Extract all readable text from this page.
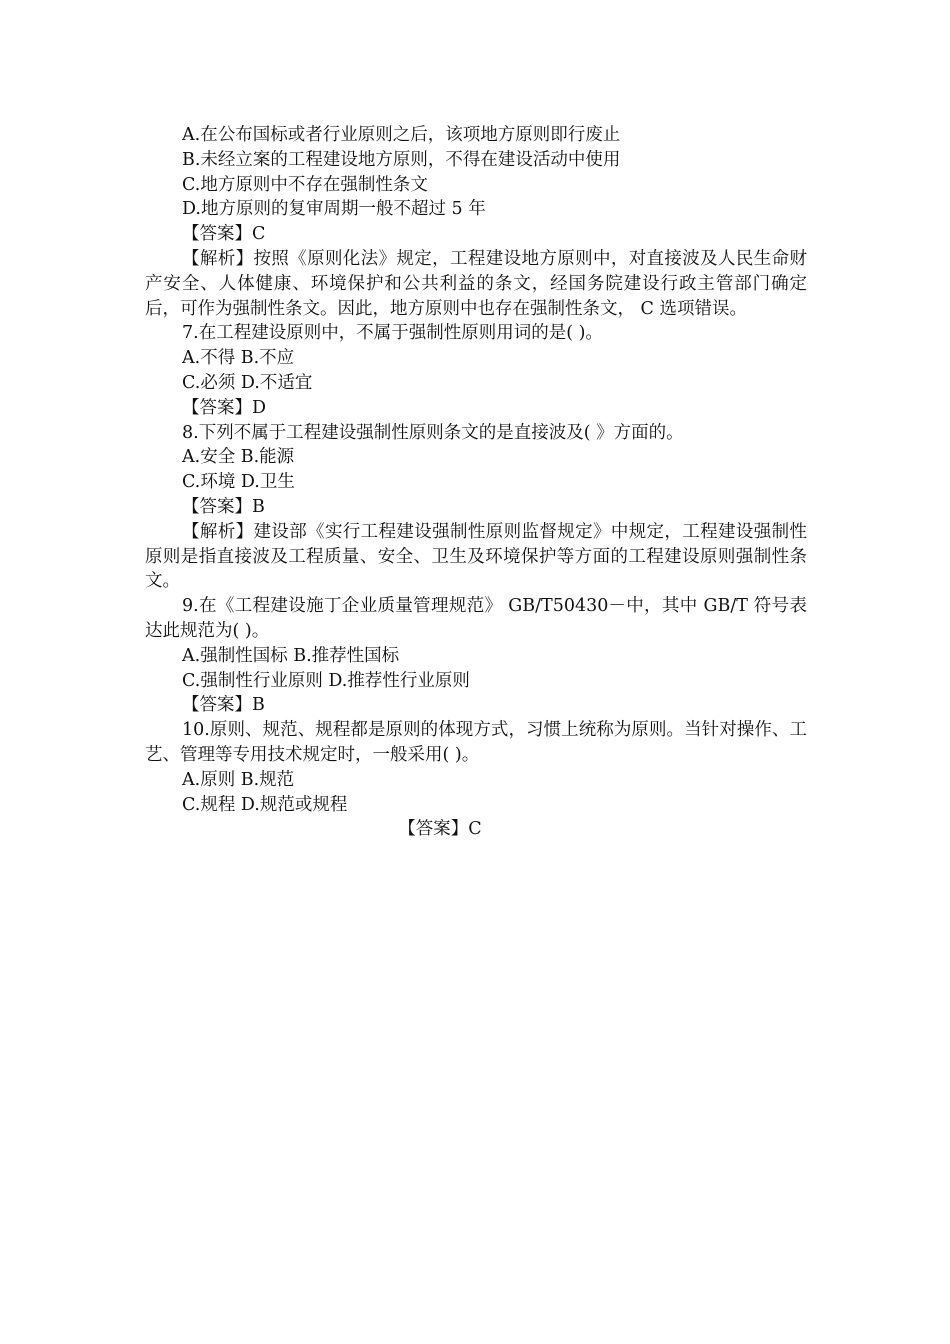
A.在公布国标或者行业原则之后，该项地方原则即行废止
B.未经立案的工程建设地方原则，不得在建设活动中使用
C.地方原则中不存在强制性条文
D.地方原则的复审周期一般不超过 5 年
【答案】C
【解析】按照《原则化法》规定，工程建设地方原则中，对直接波及人民生命财产安全、人体健康、环境保护和公共利益的条文，经国务院建设行政主管部门确定后，可作为强制性条文。因此，地方原则中也存在强制性条文， C 选项错误。
7.在工程建设原则中，不属于强制性原则用词的是( )。
A.不得 B.不应
C.必须 D.不适宜
【答案】D
8.下列不属于工程建设强制性原则条文的是直接波及( 》方面的。
A.安全 B.能源
C.环境 D.卫生
【答案】B
【解析】建设部《实行工程建设强制性原则监督规定》中规定，工程建设强制性原则是指直接波及工程质量、安全、卫生及环境保护等方面的工程建设原则强制性条文。
9.在《工程建设施丁企业质量管理规范》 GB/T50430－中，其中 GB/T 符号表达此规范为( )。
A.强制性国标 B.推荐性国标
C.强制性行业原则 D.推荐性行业原则
【答案】B
10.原则、规范、规程都是原则的体现方式，习惯上统称为原则。当针对操作、工艺、管理等专用技术规定时，一般采用( )。
A.原则 B.规范
C.规程 D.规范或规程
【答案】C
